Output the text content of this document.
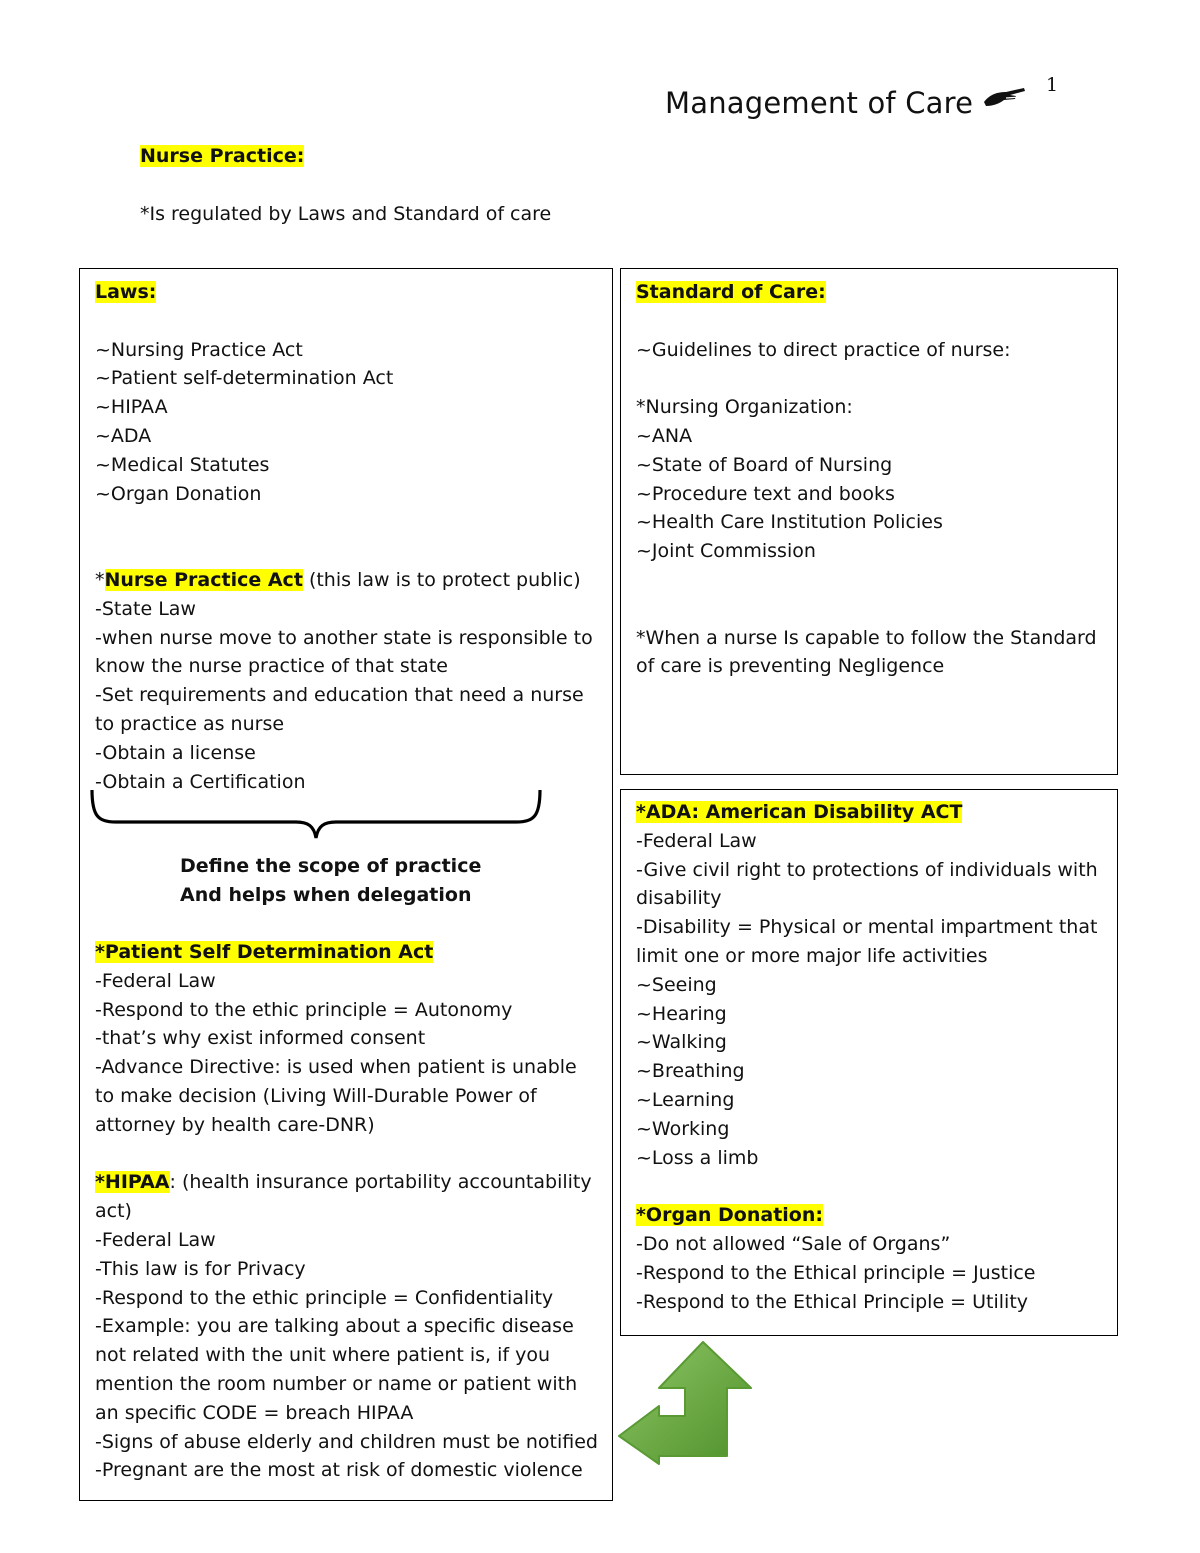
Management of Care
1
Nurse Practice:
*Is regulated by Laws and Standard of care
Laws:
~Nursing Practice Act
~Patient self-determination Act
~HIPAA
~ADA
~Medical Statutes
~Organ Donation
*Nurse Practice Act (this law is to protect public)
-State Law
-when nurse move to another state is responsible to
know the nurse practice of that state
-Set requirements and education that need a nurse
to practice as nurse
-Obtain a license
-Obtain a Certification
Define the scope of practice
And helps when delegation
*Patient Self Determination Act
-Federal Law
-Respond to the ethic principle = Autonomy
-that’s why exist informed consent
-Advance Directive: is used when patient is unable
to make decision (Living Will-Durable Power of
attorney by health care-DNR)
*HIPAA: (health insurance portability accountability
act)
-Federal Law
-This law is for Privacy
-Respond to the ethic principle = Confidentiality
-Example: you are talking about a specific disease
not related with the unit where patient is, if you
mention the room number or name or patient with
an specific CODE = breach HIPAA
-Signs of abuse elderly and children must be notified
-Pregnant are the most at risk of domestic violence
Standard of Care:
~Guidelines to direct practice of nurse:
*Nursing Organization:
~ANA
~State of Board of Nursing
~Procedure text and books
~Health Care Institution Policies
~Joint Commission
*When a nurse Is capable to follow the Standard
of care is preventing Negligence
*ADA: American Disability ACT
-Federal Law
-Give civil right to protections of individuals with
disability
-Disability = Physical or mental impartment that
limit one or more major life activities
~Seeing
~Hearing
~Walking
~Breathing
~Learning
~Working
~Loss a limb
*Organ Donation:
-Do not allowed “Sale of Organs”
-Respond to the Ethical principle = Justice
-Respond to the Ethical Principle = Utility
